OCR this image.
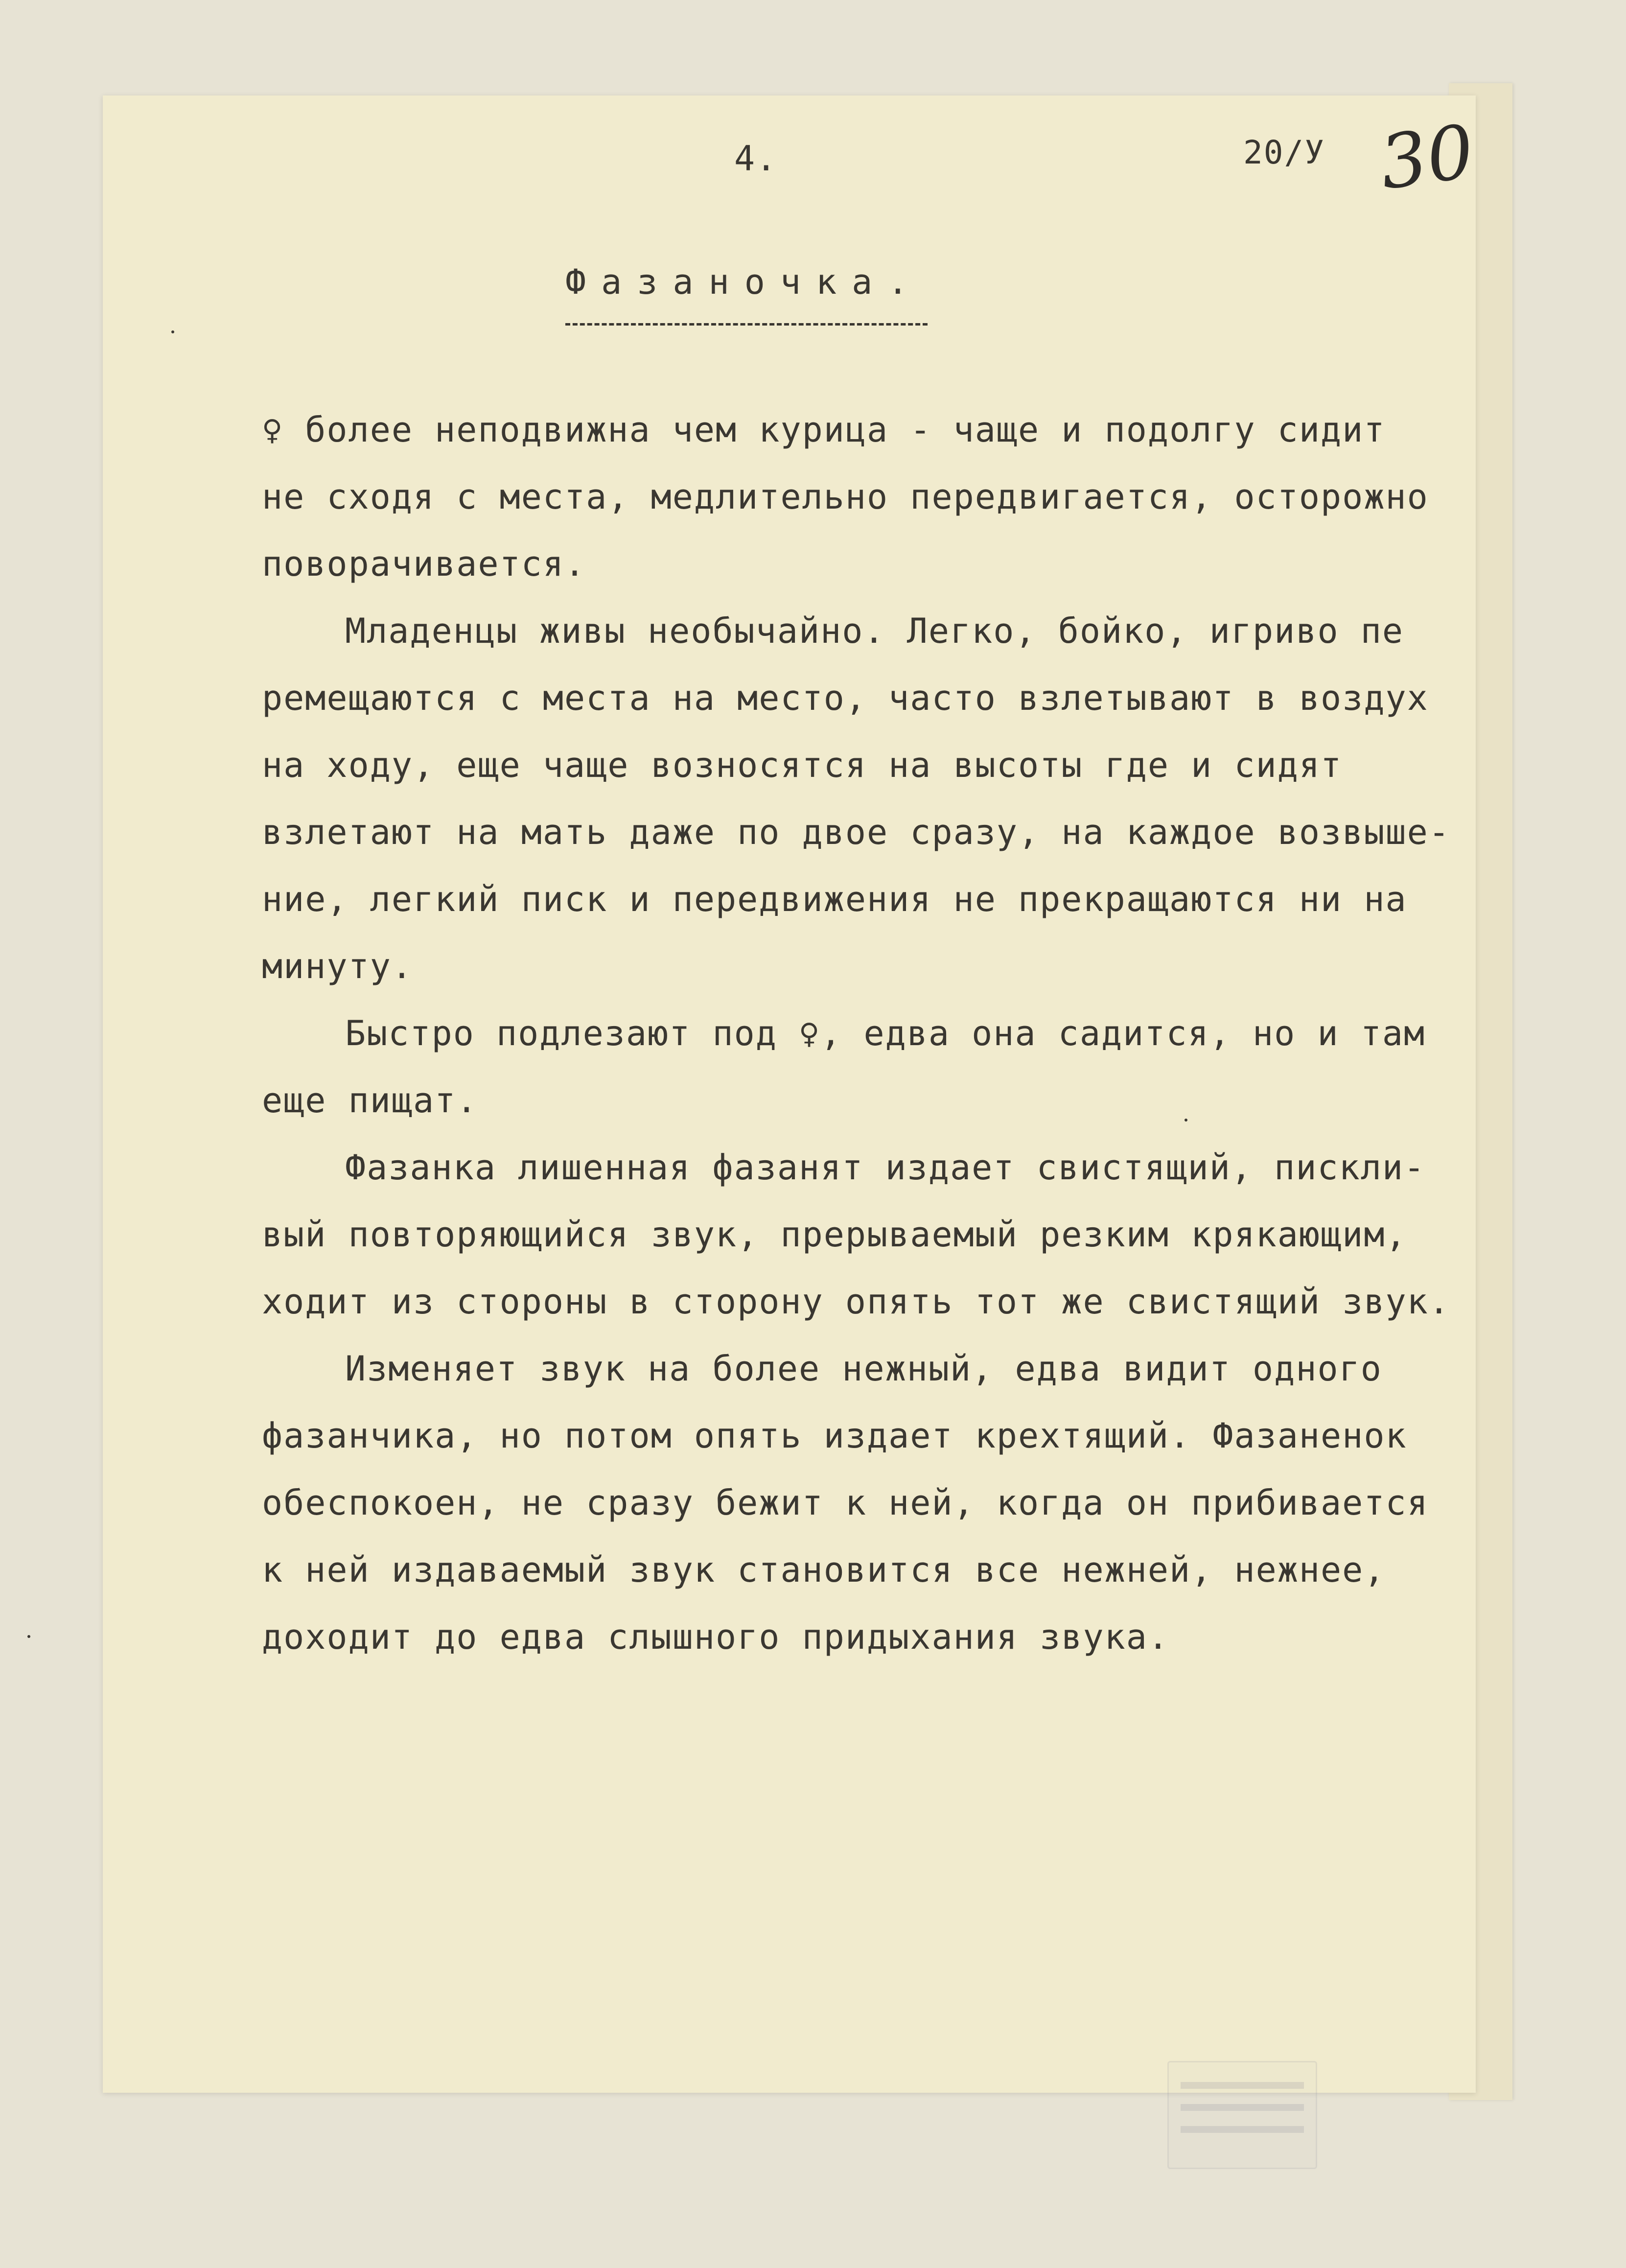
4.	20/У 30
Фазаночка.
♀ более неподвижна чем курица - чаще и подолгу сидит
не сходя с места, медлительно передвигается, осторожно
поворачивается.
Младенцы живы необычайно. Легко, бойко, игриво пе
ремещаются с места на место, часто взлетывают в воздух
на ходу, еще чаще возносятся на высоты где и сидят
взлетают на мать даже по двое сразу, на каждое возвыше-
ние, легкий писк и передвижения не прекращаются ни на
минуту.
Быстро подлезают под ♀, едва она садится, но и там
еще пищат.
Фазанка лишенная фазанят издает свистящий, пискли-
вый повторяющийся звук, прерываемый резким крякающим,
ходит из стороны в сторону опять тот же свистящий звук.
Изменяет звук на более нежный, едва видит одного
фазанчика, но потом опять издает крехтящий. Фазаненок
обеспокоен, не сразу бежит к ней, когда он прибивается
к ней издаваемый звук становится все нежней, нежнее,
доходит до едва слышного придыхания звука.
